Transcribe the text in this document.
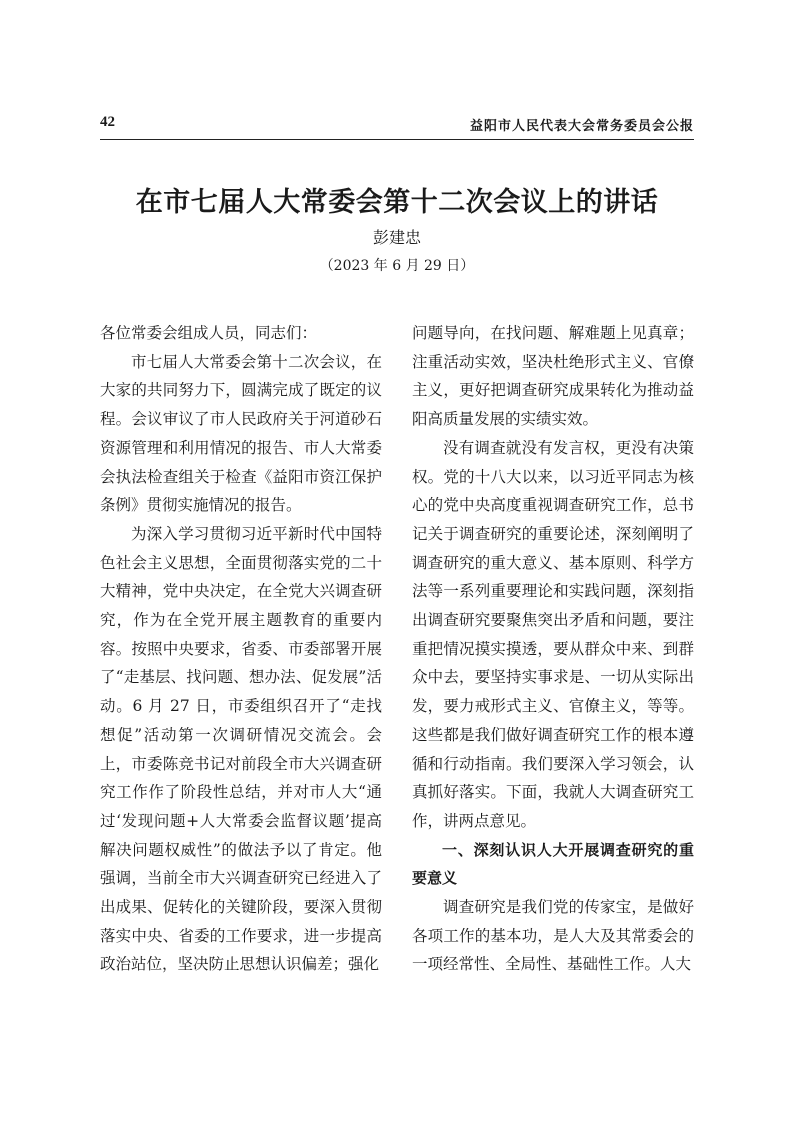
42	益阳市人民代表大会常务委员会公报
在市七届人大常委会第十二次会议上的讲话
彭建忠
（2023 年 6 月 29 日）

各位常委会组成人员，同志们：

市七届人大常委会第十二次会议，在大家的共同努力下，圆满完成了既定的议程。会议审议了市人民政府关于河道砂石资源管理和利用情况的报告、市人大常委会执法检查组关于检查《益阳市资江保护条例》贯彻实施情况的报告。

为深入学习贯彻习近平新时代中国特色社会主义思想，全面贯彻落实党的二十大精神，党中央决定，在全党大兴调查研究，作为在全党开展主题教育的重要内容。按照中央要求，省委、市委部署开展了“走基层、找问题、想办法、促发展”活动。6 月 27 日，市委组织召开了“走找想促”活动第一次调研情况交流会。会上，市委陈竞书记对前段全市大兴调查研究工作作了阶段性总结，并对市人大“通过‘发现问题+人大常委会监督议题’提高解决问题权威性”的做法予以了肯定。他强调，当前全市大兴调查研究已经进入了出成果、促转化的关键阶段，要深入贯彻落实中央、省委的工作要求，进一步提高政治站位，坚决防止思想认识偏差；强化

问题导向，在找问题、解难题上见真章；注重活动实效，坚决杜绝形式主义、官僚主义，更好把调查研究成果转化为推动益阳高质量发展的实绩实效。

没有调查就没有发言权，更没有决策权。党的十八大以来，以习近平同志为核心的党中央高度重视调查研究工作，总书记关于调查研究的重要论述，深刻阐明了调查研究的重大意义、基本原则、科学方法等一系列重要理论和实践问题，深刻指出调查研究要聚焦突出矛盾和问题，要注重把情况摸实摸透，要从群众中来、到群众中去，要坚持实事求是、一切从实际出发，要力戒形式主义、官僚主义，等等。这些都是我们做好调查研究工作的根本遵循和行动指南。我们要深入学习领会，认真抓好落实。下面，我就人大调查研究工作，讲两点意见。

一、深刻认识人大开展调查研究的重要意义

调查研究是我们党的传家宝，是做好各项工作的基本功，是人大及其常委会的一项经常性、全局性、基础性工作。人大
